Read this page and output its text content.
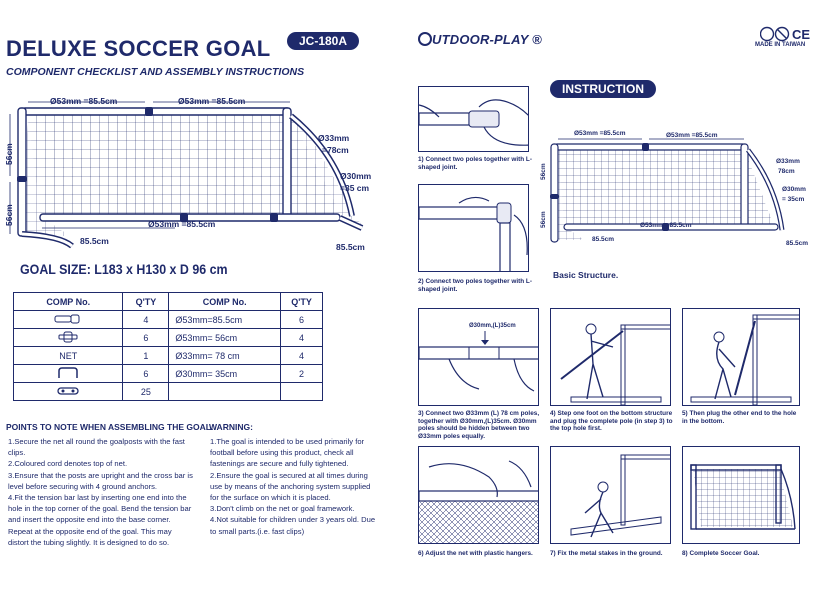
DELUXE SOCCER GOAL	JC-180A
COMPONENT CHECKLIST AND ASSEMBLY INSTRUCTIONS
Ø53mm =85.5cm	Ø53mm =85.5cm
56cm
56cm
85.5cm
Ø53mm =85.5cm
Ø33mm
=78cm
Ø30mm
=35 cm
85.5cm
GOAL SIZE: L183 x H130 x D 96 cm
COMP No.	Q'TY	COMP No.	Q'TY
	4	Ø53mm=85.5cm	6
	6	Ø53mm= 56cm	4
NET	1	Ø33mm= 78 cm	4
	6	Ø30mm= 35cm	2
	25		
POINTS TO NOTE WHEN ASSEMBLING THE GOAL.

1.Secure the net all round the goalposts with the fast clips.

2.Coloured cord denotes top of net.

3.Ensure that the posts are upright and the cross bar is level before securing with 4 ground anchors.

4.Fit the tension bar last by inserting one end into the hole in the top corner of the goal. Bend the tension bar and insert the opposite end into the base corner. Repeat at the opposite end of the goal. This may distort the tubing slightly. It is designed to do so.

WARNING:

1.The goal is intended to be used primarily for football before using this product, check all fastenings are secure and fully tightened.

2.Ensure the goal is secured at all times during use by means of the anchoring system supplied for the surface on which it is placed.

3.Don't climb on the net or goal framework.

4.Not suitable for children under 3 years old. Due to small parts.(i.e. fast clips)

UTDOOR-PLAY ®	CE
MADE IN TAIWAN
INSTRUCTION
1) Connect two poles together with L-shaped joint.
2) Connect two poles together with L-shaped joint.
Ø53mm =85.5cm	Ø53mm =85.5cm
56cm
56cm
85.5cm
Ø53mm =85.5cm
Ø33mm
78cm
Ø30mm
= 35cm
85.5cm
Basic Structure.
Ø30mm,(L)35cm
3) Connect two Ø33mm (L) 78 cm poles, together with Ø30mm,(L)35cm. Ø30mm poles should be hidden between two Ø33mm poles equally.
4) Step one foot on the bottom structure and plug the complete pole (in step 3) to the top hole first.
5) Then plug the other end to the hole in the bottom.
6) Adjust the net with plastic hangers.	7) Fix the metal stakes in the ground.	8) Complete Soccer Goal.
